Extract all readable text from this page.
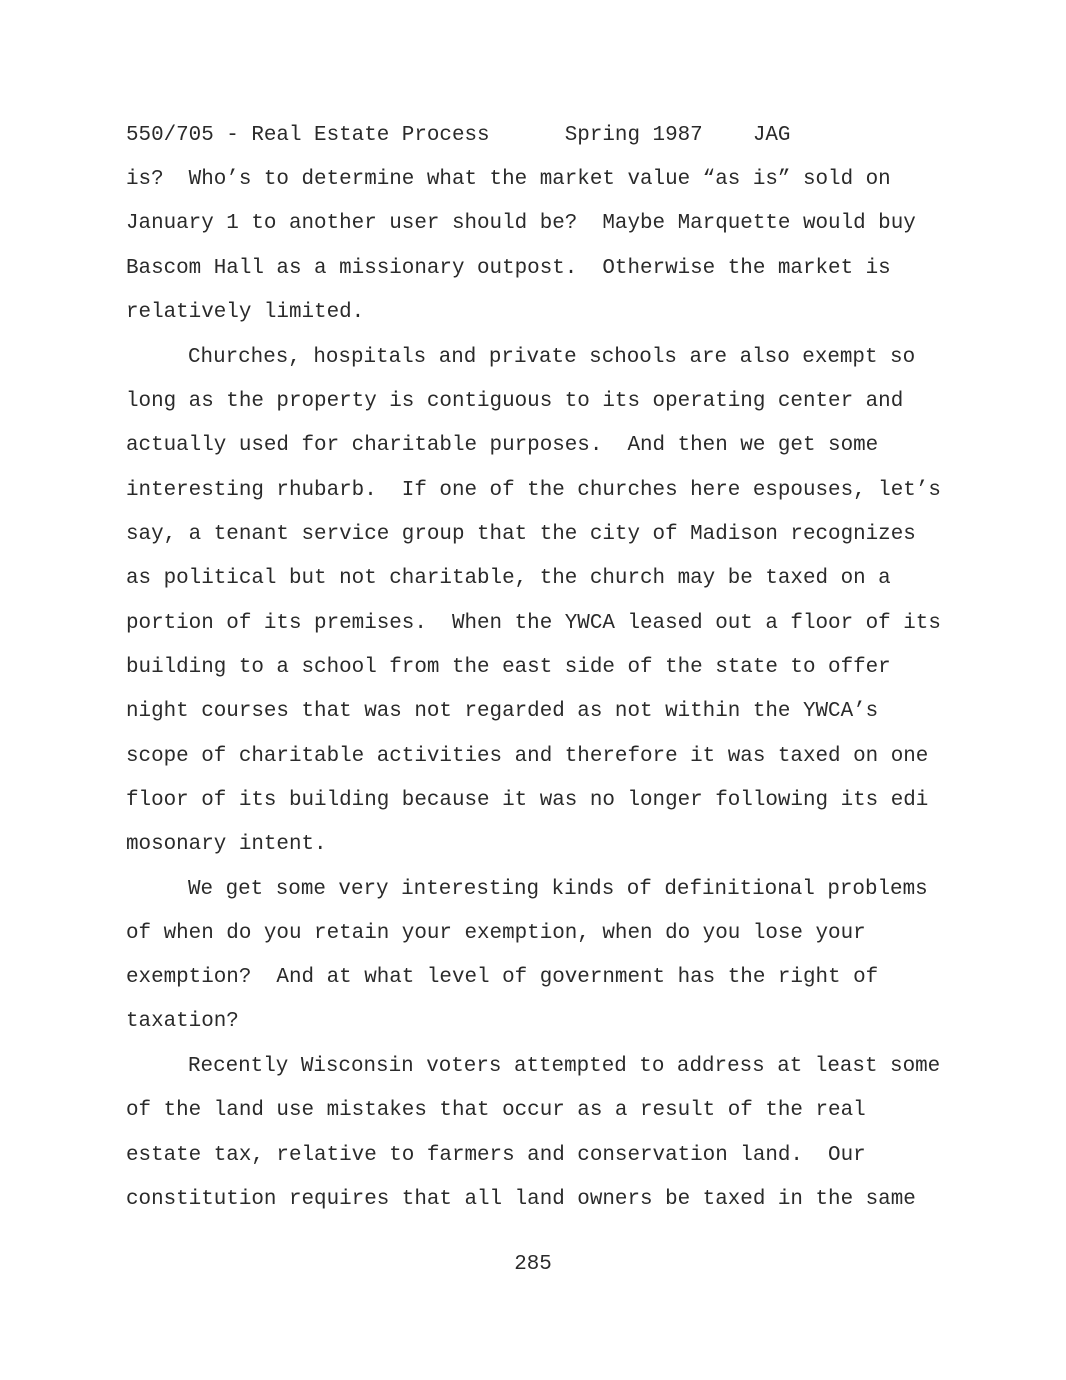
550/705 - Real Estate Process      Spring 1987    JAG
is?  Who’s to determine what the market value “as is” sold on
January 1 to another user should be?  Maybe Marquette would buy
Bascom Hall as a missionary outpost.  Otherwise the market is
relatively limited.
Churches, hospitals and private schools are also exempt so
long as the property is contiguous to its operating center and
actually used for charitable purposes.  And then we get some
interesting rhubarb.  If one of the churches here espouses, let’s
say, a tenant service group that the city of Madison recognizes
as political but not charitable, the church may be taxed on a
portion of its premises.  When the YWCA leased out a floor of its
building to a school from the east side of the state to offer
night courses that was not regarded as not within the YWCA’s
scope of charitable activities and therefore it was taxed on one
floor of its building because it was no longer following its edi
mosonary intent.
We get some very interesting kinds of definitional problems
of when do you retain your exemption, when do you lose your
exemption?  And at what level of government has the right of
taxation?
Recently Wisconsin voters attempted to address at least some
of the land use mistakes that occur as a result of the real
estate tax, relative to farmers and conservation land.  Our
constitution requires that all land owners be taxed in the same
285
